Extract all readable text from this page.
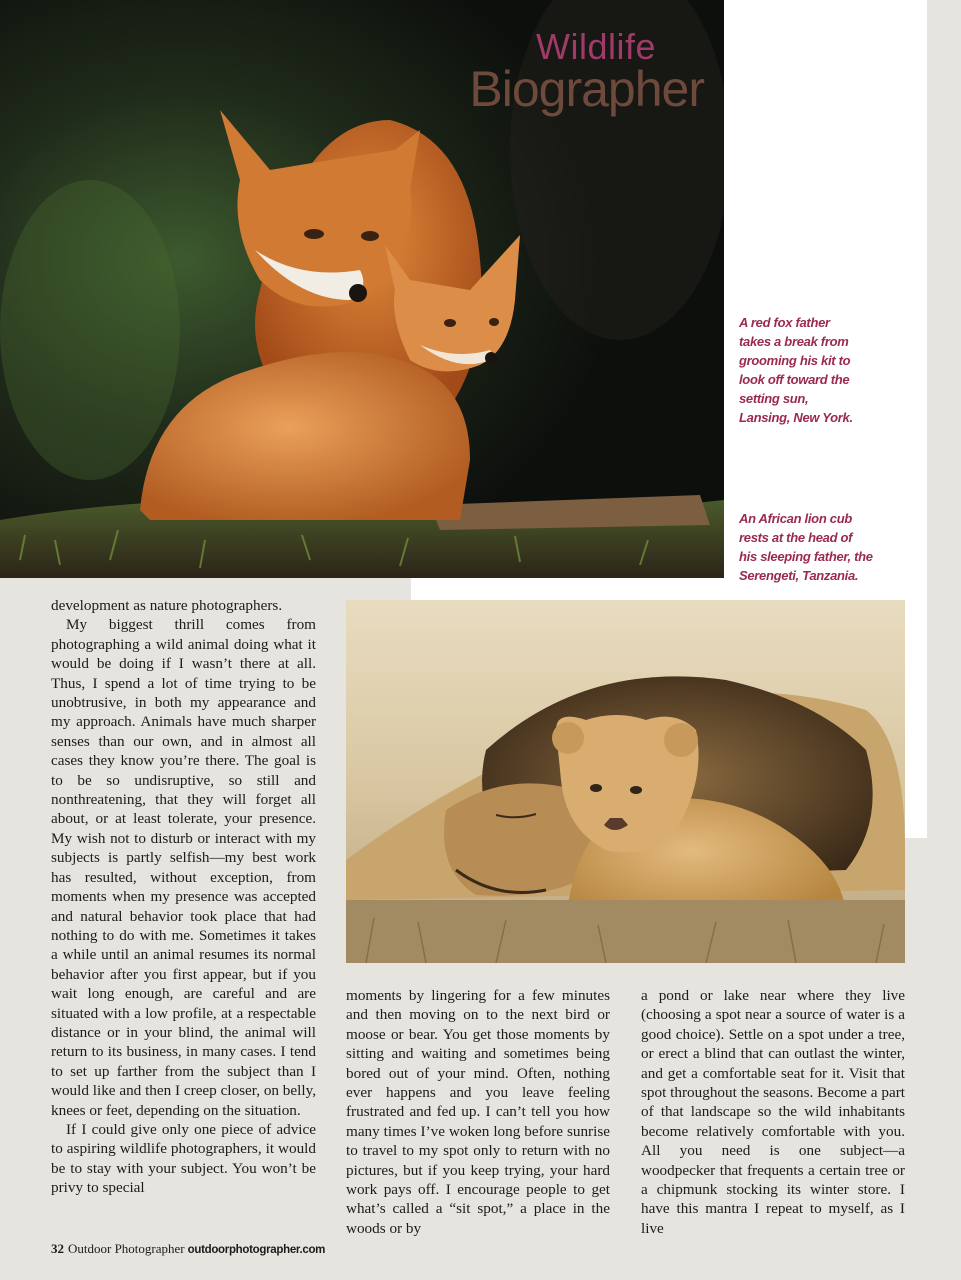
Wildlife
Biographer
A red fox father
takes a break from
grooming his kit to
look off toward the
setting sun,
Lansing, New York.
An African lion cub
rests at the head of
his sleeping father, the
Serengeti, Tanzania.

development as nature photographers.

My biggest thrill comes from photographing a wild animal doing what it would be doing if I wasn’t there at all. Thus, I spend a lot of time trying to be unobtrusive, in both my appearance and my approach. Animals have much sharper senses than our own, and in almost all cases they know you’re there. The goal is to be so undisruptive, so still and nonthreatening, that they will forget all about, or at least tolerate, your presence. My wish not to disturb or interact with my subjects is partly selfish—my best work has resulted, without exception, from moments when my presence was accepted and natural behavior took place that had nothing to do with me. Sometimes it takes a while until an animal resumes its normal behavior after you first appear, but if you wait long enough, are careful and are situated with a low profile, at a respectable distance or in your blind, the animal will return to its business, in many cases. I tend to set up farther from the subject than I would like and then I creep closer, on belly, knees or feet, depending on the situation.

If I could give only one piece of advice to aspiring wildlife photographers, it would be to stay with your subject. You won’t be privy to special

moments by lingering for a few minutes and then moving on to the next bird or moose or bear. You get those moments by sitting and waiting and sometimes being bored out of your mind. Often, nothing ever happens and you leave feeling frustrated and fed up. I can’t tell you how many times I’ve woken long before sunrise to travel to my spot only to return with no pictures, but if you keep trying, your hard work pays off. I encourage people to get what’s called a “sit spot,” a place in the woods or by

a pond or lake near where they live (choosing a spot near a source of water is a good choice). Settle on a spot under a tree, or erect a blind that can outlast the winter, and get a comfortable seat for it. Visit that spot throughout the seasons. Become a part of that landscape so the wild inhabitants become relatively comfortable with you. All you need is one subject—a woodpecker that frequents a certain tree or a chipmunk stocking its winter store. I have this mantra I repeat to myself, as I live

32 Outdoor Photographer outdoorphotographer.com
